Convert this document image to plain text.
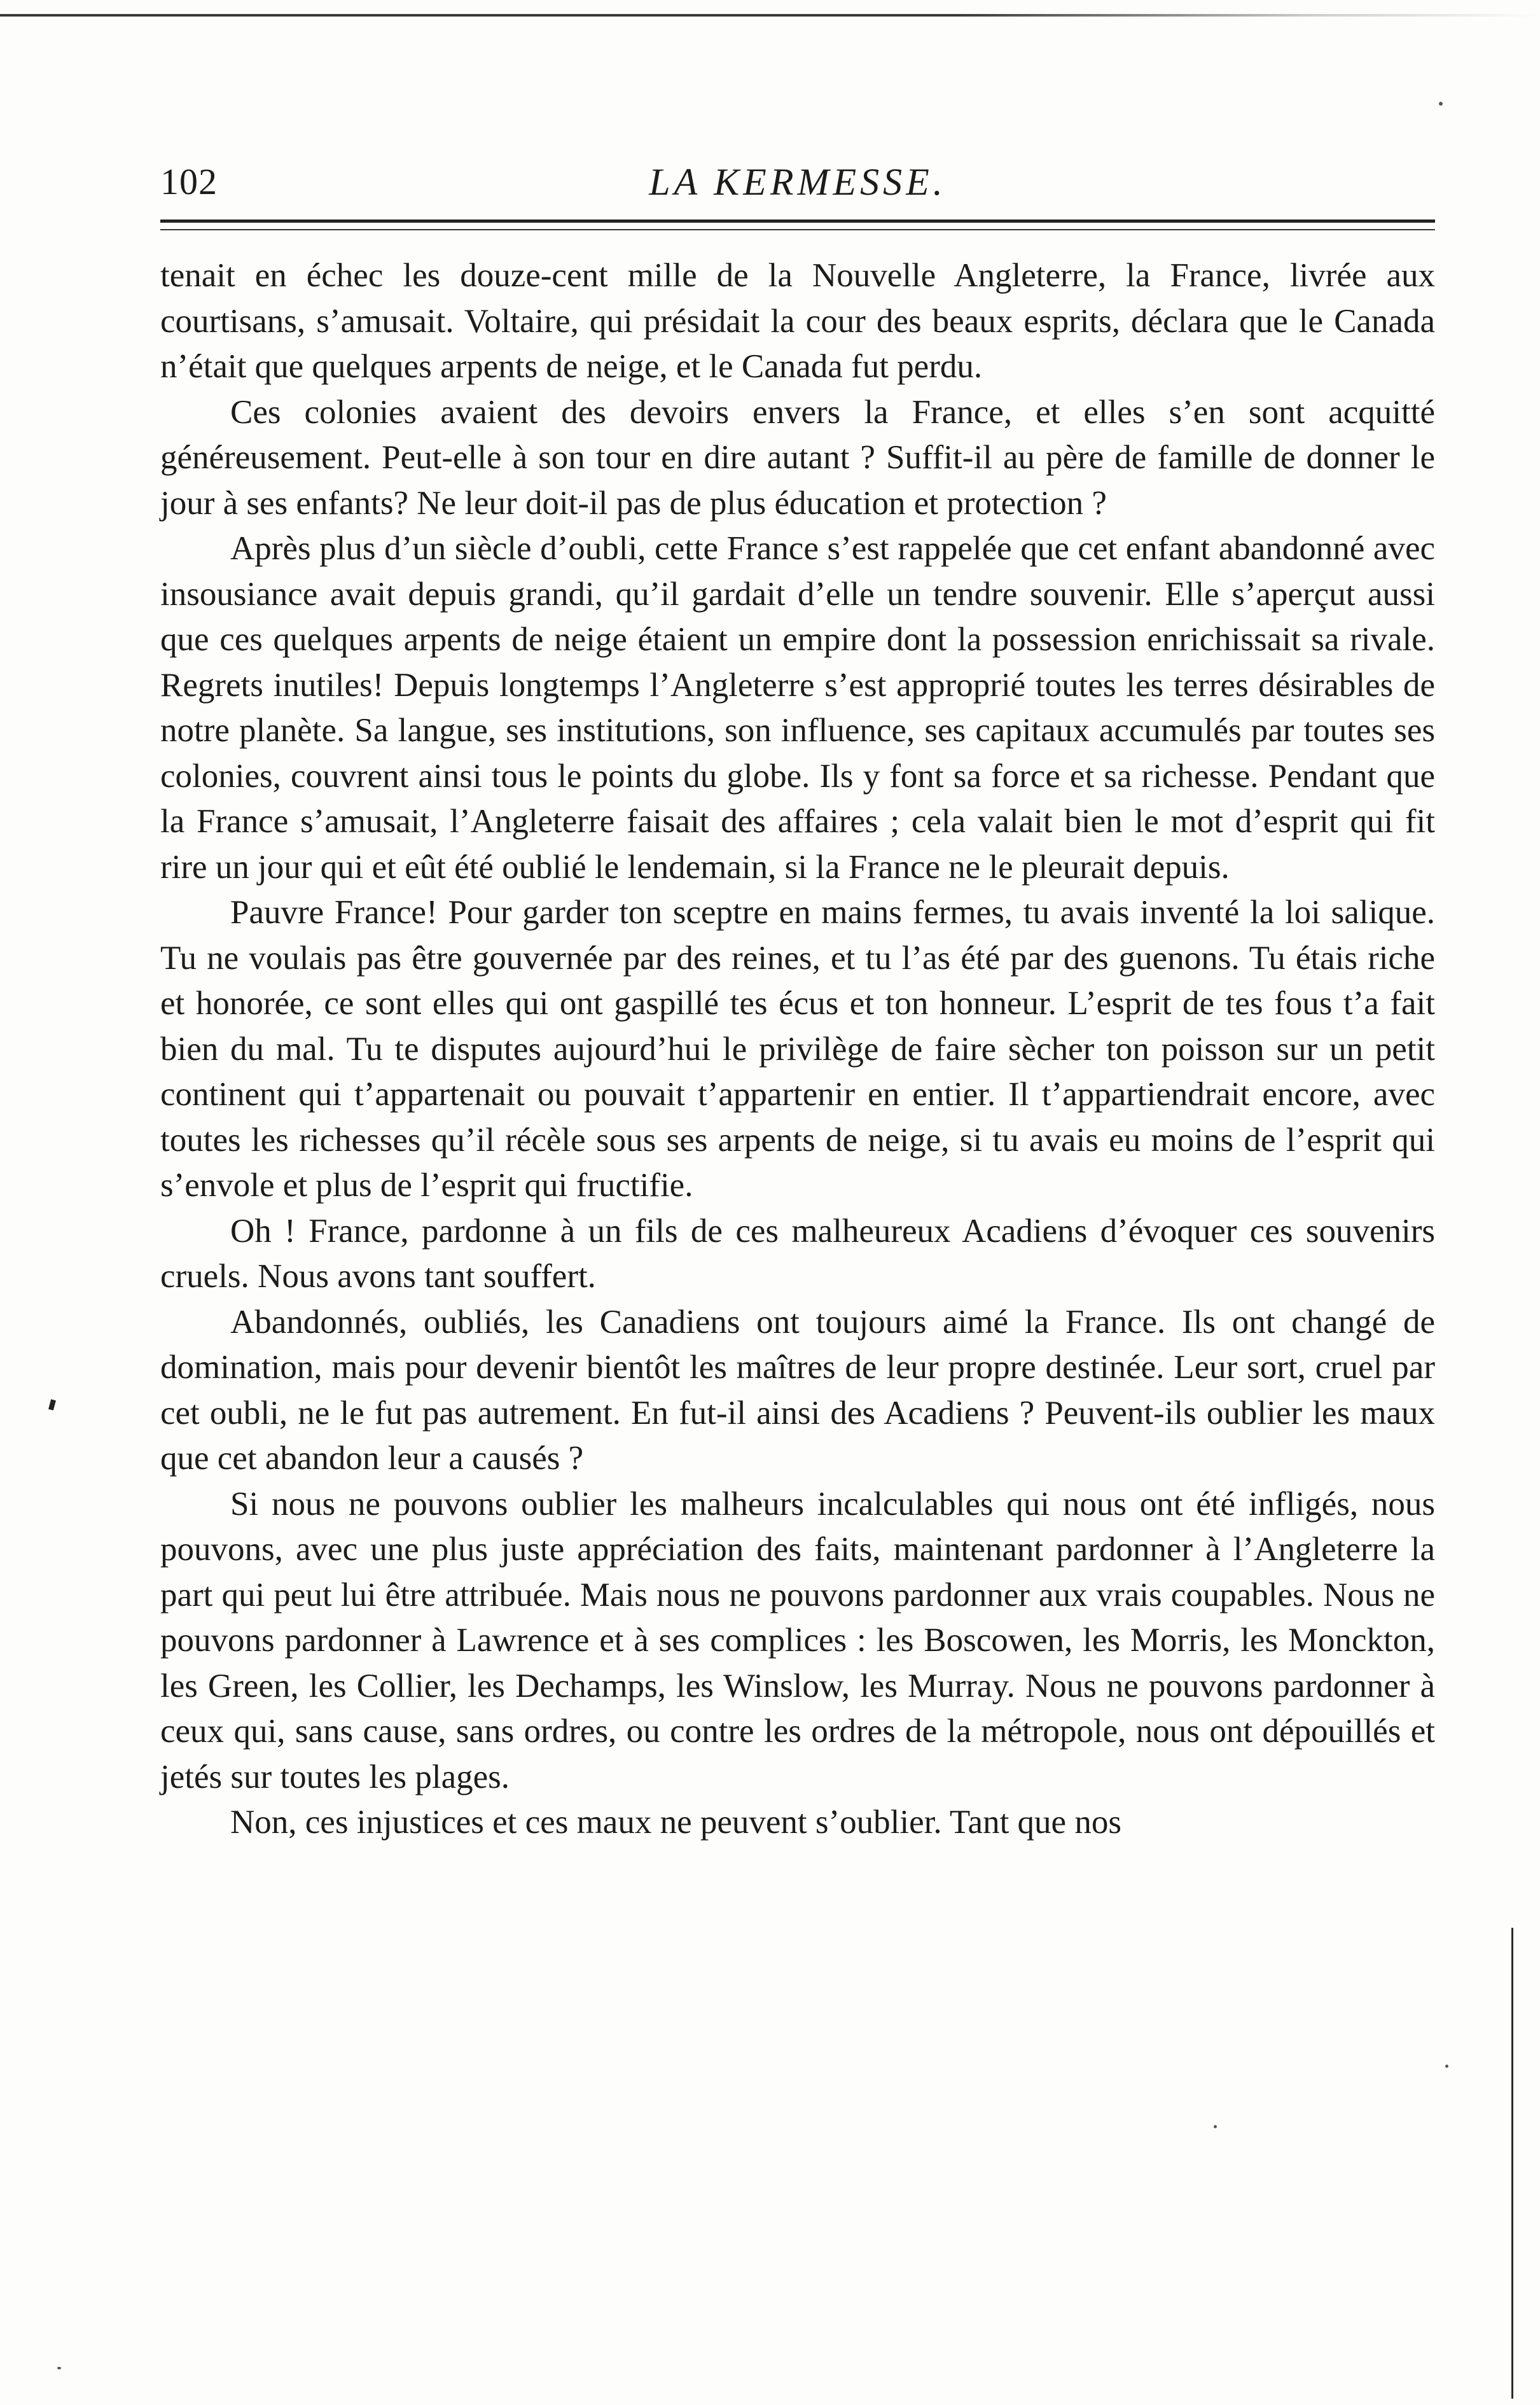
102	LA KERMESSE.

tenait en échec les douze-cent mille de la Nouvelle Angleterre, la France, livrée aux courtisans, s’amusait. Voltaire, qui présidait la cour des beaux esprits, déclara que le Canada n’était que quelques arpents de neige, et le Canada fut perdu.

Ces colonies avaient des devoirs envers la France, et elles s’en sont acquitté généreusement. Peut-elle à son tour en dire autant ? Suffit-il au père de famille de donner le jour à ses enfants? Ne leur doit-il pas de plus éducation et protection ?

Après plus d’un siècle d’oubli, cette France s’est rappelée que cet enfant abandonné avec insousiance avait depuis grandi, qu’il gardait d’elle un tendre souvenir. Elle s’aperçut aussi que ces quelques arpents de neige étaient un empire dont la possession enrichissait sa rivale. Regrets inutiles! Depuis longtemps l’Angleterre s’est approprié toutes les terres désirables de notre planète. Sa langue, ses institutions, son influence, ses capitaux accumulés par toutes ses colonies, couvrent ainsi tous le points du globe. Ils y font sa force et sa richesse. Pendant que la France s’amusait, l’Angleterre faisait des affaires ; cela valait bien le mot d’esprit qui fit rire un jour qui et eût été oublié le lendemain, si la France ne le pleurait depuis.

Pauvre France! Pour garder ton sceptre en mains fermes, tu avais inventé la loi salique. Tu ne voulais pas être gouvernée par des reines, et tu l’as été par des guenons. Tu étais riche et honorée, ce sont elles qui ont gaspillé tes écus et ton honneur. L’esprit de tes fous t’a fait bien du mal. Tu te disputes aujourd’hui le privilège de faire sècher ton poisson sur un petit continent qui t’appartenait ou pouvait t’appartenir en entier. Il t’appartiendrait encore, avec toutes les richesses qu’il récèle sous ses arpents de neige, si tu avais eu moins de l’esprit qui s’envole et plus de l’esprit qui fructifie.

Oh ! France, pardonne à un fils de ces malheureux Acadiens d’évoquer ces souvenirs cruels. Nous avons tant souffert.

Abandonnés, oubliés, les Canadiens ont toujours aimé la France. Ils ont changé de domination, mais pour devenir bientôt les maîtres de leur propre destinée. Leur sort, cruel par cet oubli, ne le fut pas autrement. En fut-il ainsi des Acadiens ? Peuvent-ils oublier les maux que cet abandon leur a causés ?

Si nous ne pouvons oublier les malheurs incalculables qui nous ont été infligés, nous pouvons, avec une plus juste appréciation des faits, maintenant pardonner à l’Angleterre la part qui peut lui être attribuée. Mais nous ne pouvons pardonner aux vrais coupables. Nous ne pouvons pardonner à Lawrence et à ses complices : les Boscowen, les Morris, les Monckton, les Green, les Collier, les Dechamps, les Winslow, les Murray. Nous ne pouvons pardonner à ceux qui, sans cause, sans ordres, ou contre les ordres de la métropole, nous ont dépouillés et jetés sur toutes les plages.

Non, ces injustices et ces maux ne peuvent s’oublier. Tant que nos
